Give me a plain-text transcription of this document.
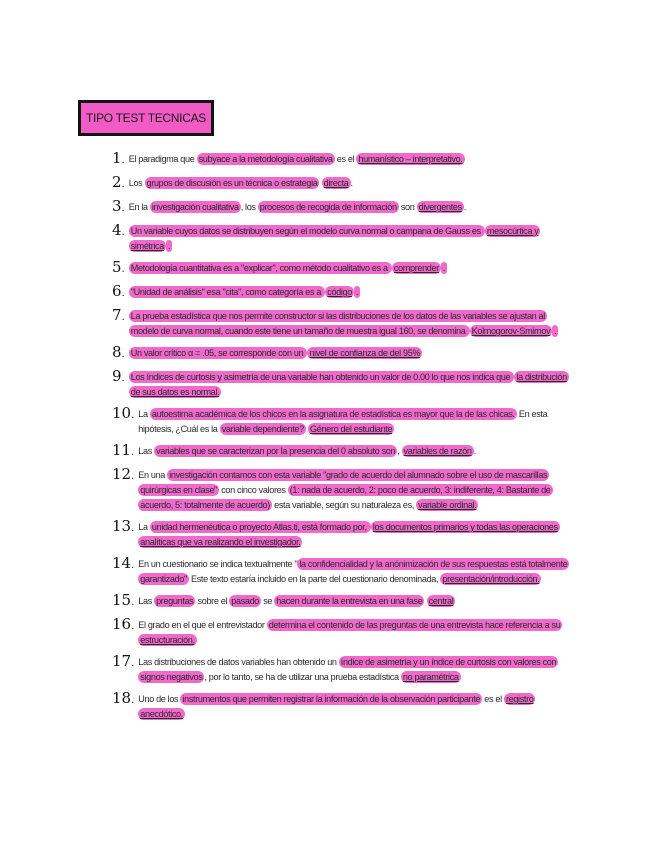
TIPO TEST TECNICAS
1. El paradigma que subyace a la metodología cualitativa es el humanístico – interpretativo.
2. Los grupos de discusión es un técnica o estrategia directa .
3. En la investigación cualitativa , los procesos de recogida de información son divergentes .
4. Un variable cuyos datos se distribuyen según el modelo curva normal o campana de Gauss es mesocúrtica y simétrica .
5. Metodología cuantitativa es a "explicar", como método cualitativo es a comprender .
6. "Unidad de análisis" esa "cita", como categoría es a código .
7. La prueba estadística que nos permite constructor si las distribuciones de los datos de las variables se ajustan al modelo de curva normal, cuando este tiene un tamaño de muestra igual 160, se denomina Kolmogorov-Smirnov .
8. Un valor crítico α = .05, se corresponde con un nivel de confianza de del 95%
9. Los índices de curtosis y asimetría de una variable han obtenido un valor de 0.00 lo que nos indica que la distribución de sus datos es normal.
10. La autoestima académica de los chicos en la asignatura de estadística es mayor que la de las chicas. En esta hipótesis, ¿Cuál es la variable dependiente? Género del estudiante
11. Las variables que se caracterizan por la presencia del 0 absoluto son , variables de razón .
12. En una investigación contamos con esta variable "grado de acuerdo del alumnado sobre el uso de mascarillas quirúrgicas en clase" con cinco valores (1: nada de acuerdo, 2: poco de acuerdo, 3: indiferente, 4: Bastante de acuerdo, 5: totalmente de acuerdo) esta variable, según su naturaleza es, variable ordinal.
13. La unidad hermenéutica o proyecto Atlas.ti, está formado por, los documentos primarios y todas las operaciones analíticas que va realizando el investigador.
14. En un cuestionario se indica textualmente " la confidencialidad y la anónimización de sus respuestas está totalmente garantizado" Este texto estaría incluido en la parte del cuestionario denominada, presentación/introducción.
15. Las preguntas sobre el pasado se hacen durante la entrevista en una fase central
16. El grado en el que el entrevistador determina el contenido de las preguntas de una entrevista hace referencia a su estructuración.
17. Las distribuciones de datos variables han obtenido un índice de asimetría y un índice de curtosis con valores con signos negativos , por lo tanto, se ha de utilizar una prueba estadística no paramétrica
18. Uno de los instrumentos que permiten registrar la información de la observación participante es el registro anecdótico.
